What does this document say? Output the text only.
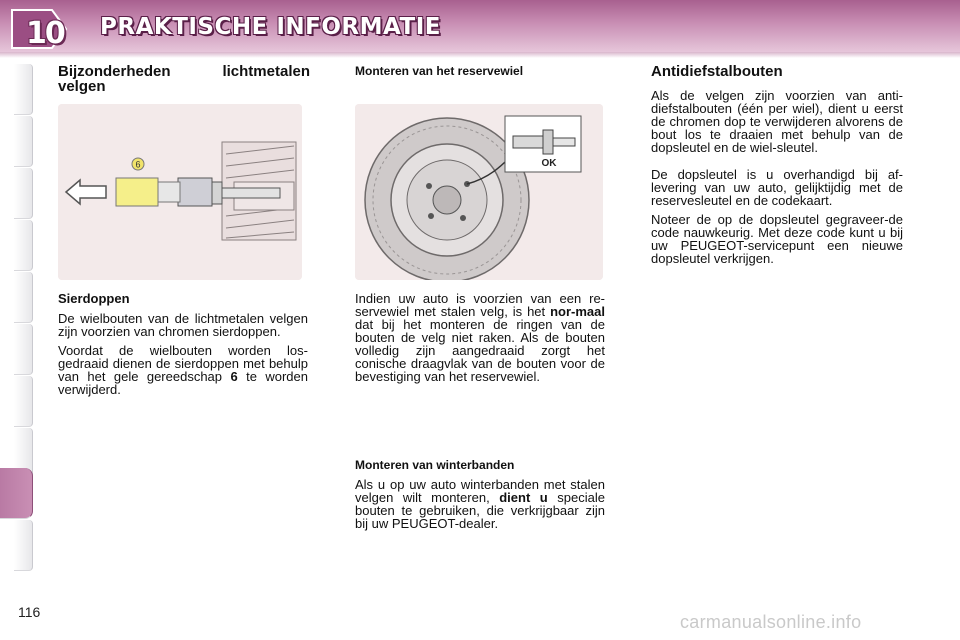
10 PRAKTISCHE INFORMATIE
Bijzonderheden lichtmetalen velgen
6
Sierdoppen

De wielbouten van de lichtmetalen velgen zijn voorzien van chromen sierdoppen.

Voordat de wielbouten worden los-gedraaid dienen de sierdoppen met behulp van het gele gereedschap 6 te worden verwijderd.

Monteren van het reservewiel
OK

Indien uw auto is voorzien van een re-servewiel met stalen velg, is het nor-maal dat bij het monteren de ringen van de bouten de velg niet raken. Als de bouten volledig zijn aangedraaid zorgt het conische draagvlak van de bouten voor de bevestiging van het reservewiel.

Monteren van winterbanden

Als u op uw auto winterbanden met stalen velgen wilt monteren, dient u speciale bouten te gebruiken, die verkrijgbaar zijn bij uw PEUGEOT-dealer.

Antidiefstalbouten

Als de velgen zijn voorzien van anti-diefstalbouten (één per wiel), dient u eerst de chromen dop te verwijderen alvorens de bout los te draaien met behulp van de dopsleutel en de wiel-sleutel.

De dopsleutel is u overhandigd bij af-levering van uw auto, gelijktijdig met de reservesleutel en de codekaart.

Noteer de op de dopsleutel gegraveer-de code nauwkeurig. Met deze code kunt u bij uw PEUGEOT-servicepunt een nieuwe dopsleutel verkrijgen.

116	carmanualsonline.info
